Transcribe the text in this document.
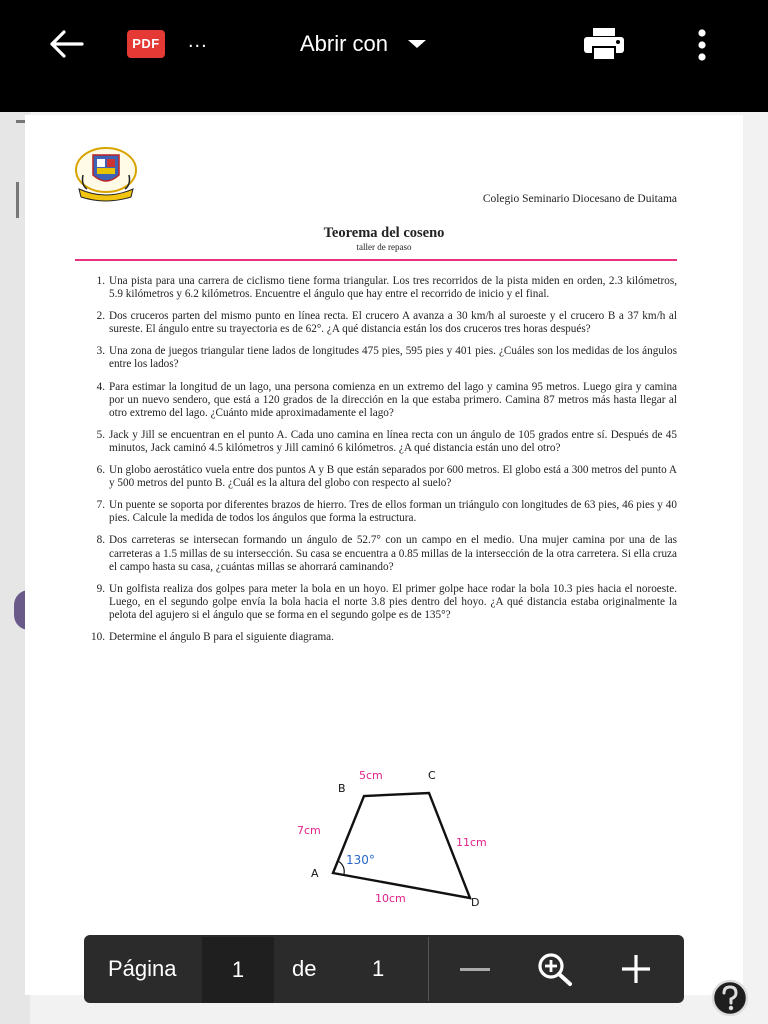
PDF ...	Abrir con
Colegio Seminario Diocesano de Duitama
Teorema del coseno
taller de repaso
1. Una pista para una carrera de ciclismo tiene forma triangular. Los tres recorridos de la pista miden en orden, 2.3 kilómetros, 5.9 kilómetros y 6.2 kilómetros. Encuentre el ángulo que hay entre el recorrido de inicio y el final.
2. Dos cruceros parten del mismo punto en línea recta. El crucero A avanza a 30 km/h al suroeste y el crucero B a 37 km/h al sureste. El ángulo entre su trayectoria es de 62°. ¿A qué distancia están los dos cruceros tres horas después?
3. Una zona de juegos triangular tiene lados de longitudes 475 pies, 595 pies y 401 pies. ¿Cuáles son los medidas de los ángulos entre los lados?
4. Para estimar la longitud de un lago, una persona comienza en un extremo del lago y camina 95 metros. Luego gira y camina por un nuevo sendero, que está a 120 grados de la dirección en la que estaba primero. Camina 87 metros más hasta llegar al otro extremo del lago. ¿Cuánto mide aproximadamente el lago?
5. Jack y Jill se encuentran en el punto A. Cada uno camina en línea recta con un ángulo de 105 grados entre sí. Después de 45 minutos, Jack caminó 4.5 kilómetros y Jill caminó 6 kilómetros. ¿A qué distancia están uno del otro?
6. Un globo aerostático vuela entre dos puntos A y B que están separados por 600 metros. El globo está a 300 metros del punto A y 500 metros del punto B. ¿Cuál es la altura del globo con respecto al suelo?
7. Un puente se soporta por diferentes brazos de hierro. Tres de ellos forman un triángulo con longitudes de 63 pies, 46 pies y 40 pies. Calcule la medida de todos los ángulos que forma la estructura.
8. Dos carreteras se intersecan formando un ángulo de 52.7° con un campo en el medio. Una mujer camina por una de las carreteras a 1.5 millas de su intersección. Su casa se encuentra a 0.85 millas de la intersección de la otra carretera. Si ella cruza el campo hasta su casa, ¿cuántas millas se ahorrará caminando?
9. Un golfista realiza dos golpes para meter la bola en un hoyo. El primer golpe hace rodar la bola 10.3 pies hacia el noroeste. Luego, en el segundo golpe envía la bola hacia el norte 3.8 pies dentro del hoyo. ¿A qué distancia estaba originalmente la pelota del agujero si el ángulo que se forma en el segundo golpe es de 135°?
10. Determine el ángulo B para el siguiente diagrama.
A
B
C
D
5cm
7cm
11cm
10cm
130°
Página	1	de	1
